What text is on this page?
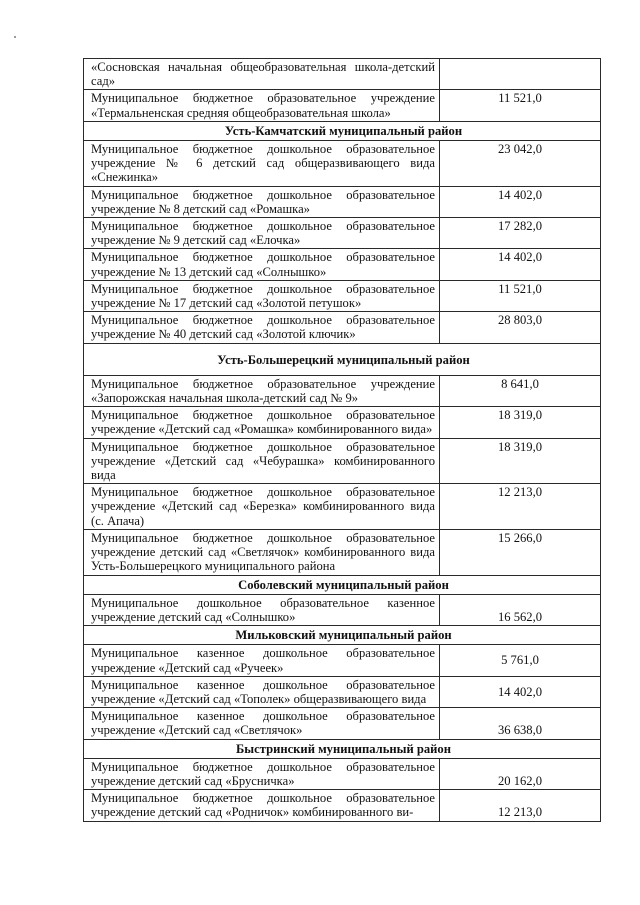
«Сосновская начальная общеобразовательная школа-детский сад»	
Муниципальное бюджетное образовательное учреждение «Термальненская средняя общеобразовательная школа»	11 521,0
Усть-Камчатский муниципальный район	
Муниципальное бюджетное дошкольное образовательное учреждение № 6 детский сад общеразвивающего вида «Снежинка»	23 042,0
Муниципальное бюджетное дошкольное образовательное учреждение № 8 детский сад «Ромашка»	14 402,0
Муниципальное бюджетное дошкольное образовательное учреждение № 9 детский сад «Елочка»	17 282,0
Муниципальное бюджетное дошкольное образовательное учреждение № 13 детский сад «Солнышко»	14 402,0
Муниципальное бюджетное дошкольное образовательное учреждение № 17 детский сад «Золотой петушок»	11 521,0
Муниципальное бюджетное дошкольное образовательное учреждение № 40 детский сад «Золотой ключик»	28 803,0
Усть-Большерецкий муниципальный район	
Муниципальное бюджетное образовательное учреждение «Запорожская начальная школа-детский сад № 9»	8 641,0
Муниципальное бюджетное дошкольное образовательное учреждение «Детский сад «Ромашка» комбинированного вида»	18 319,0
Муниципальное бюджетное дошкольное образовательное учреждение «Детский сад «Чебурашка» комбинированного вида	18 319,0
Муниципальное бюджетное дошкольное образовательное учреждение «Детский сад «Березка» комбинированного вида (с. Апача)	12 213,0
Муниципальное бюджетное дошкольное образовательное учреждение детский сад «Светлячок» комбинированного вида Усть-Большерецкого муниципального района	15 266,0
Соболевский муниципальный район	
Муниципальное дошкольное образовательное казенное учреждение детский сад «Солнышко»	16 562,0
Мильковский муниципальный район	
Муниципальное казенное дошкольное образовательное учреждение «Детский сад «Ручеек»	5 761,0
Муниципальное казенное дошкольное образовательное учреждение «Детский сад «Тополек» общеразвивающего вида	14 402,0
Муниципальное казенное дошкольное образовательное учреждение «Детский сад «Светлячок»	36 638,0
Быстринский муниципальный район	
Муниципальное бюджетное дошкольное образовательное учреждение детский сад «Брусничка»	20 162,0
Муниципальное бюджетное дошкольное образовательное учреждение детский сад «Родничок» комбинированного ви-	12 213,0
